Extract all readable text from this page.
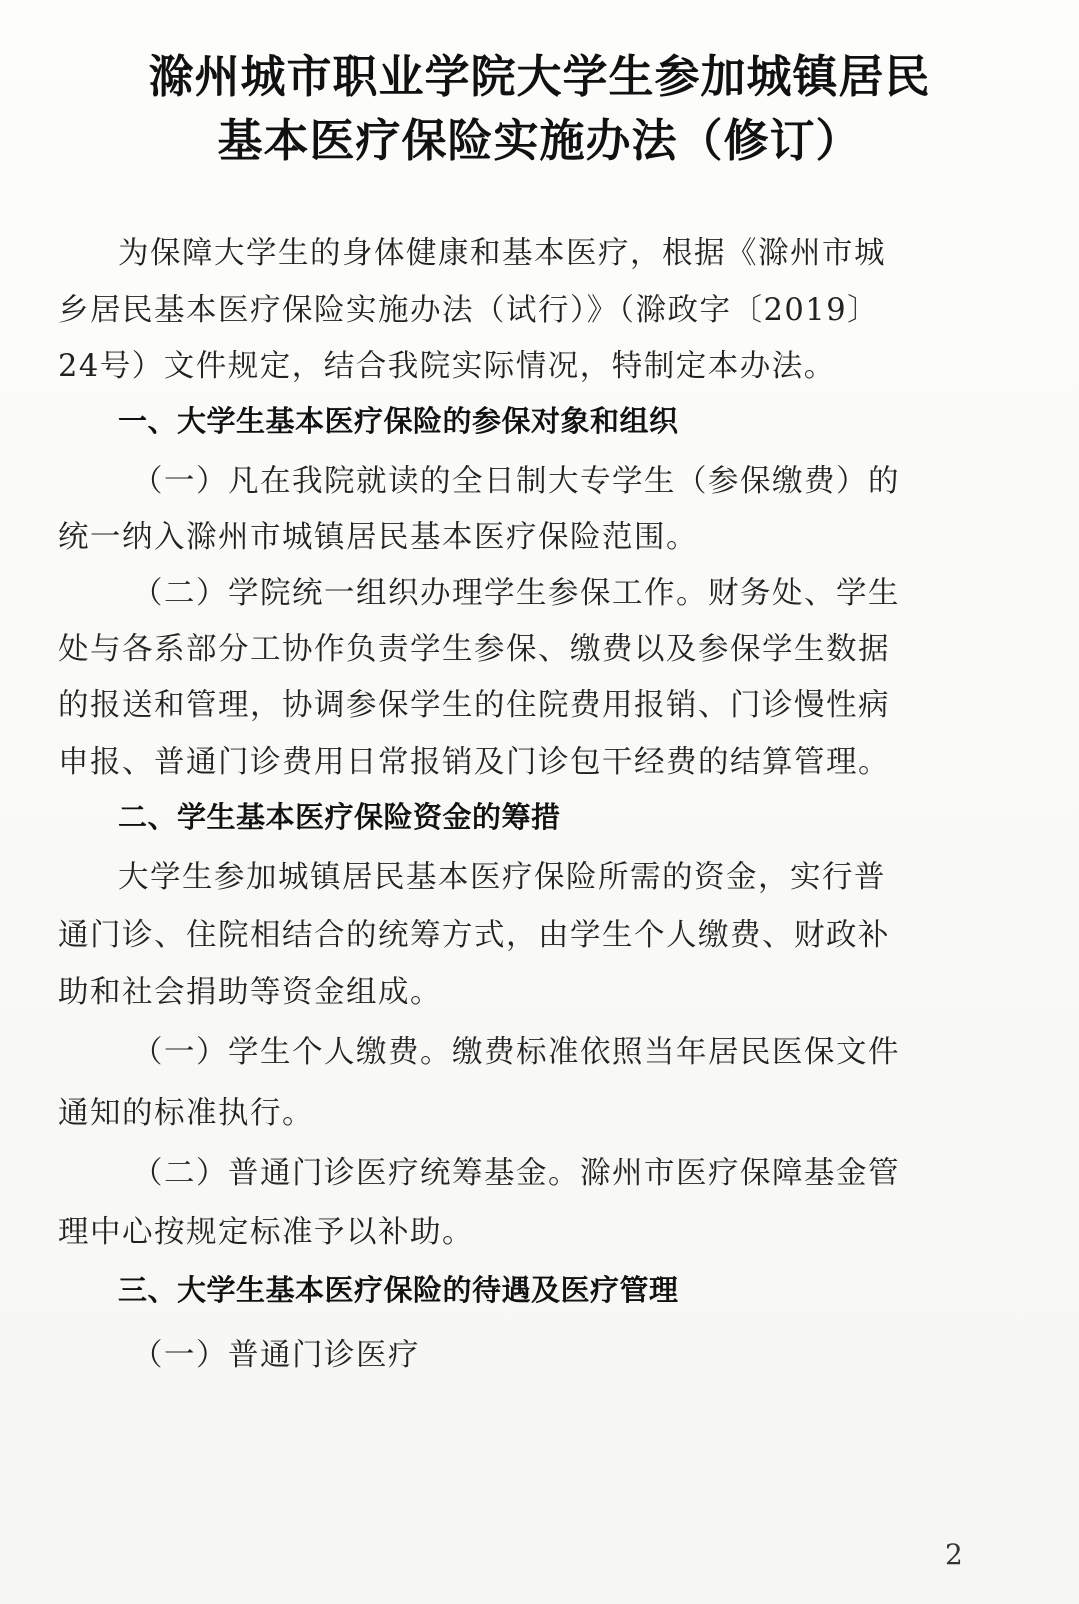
滁州城市职业学院大学生参加城镇居民
基本医疗保险实施办法（修订）
为保障大学生的身体健康和基本医疗，根据《滁州市城
乡居民基本医疗保险实施办法（试行）》（滁政字〔2019〕
24号）文件规定，结合我院实际情况，特制定本办法。
一、大学生基本医疗保险的参保对象和组织
（一）凡在我院就读的全日制大专学生（参保缴费）的
统一纳入滁州市城镇居民基本医疗保险范围。
（二）学院统一组织办理学生参保工作。财务处、学生
处与各系部分工协作负责学生参保、缴费以及参保学生数据
的报送和管理，协调参保学生的住院费用报销、门诊慢性病
申报、普通门诊费用日常报销及门诊包干经费的结算管理。
二、学生基本医疗保险资金的筹措
大学生参加城镇居民基本医疗保险所需的资金，实行普
通门诊、住院相结合的统筹方式，由学生个人缴费、财政补
助和社会捐助等资金组成。
（一）学生个人缴费。缴费标准依照当年居民医保文件
通知的标准执行。
（二）普通门诊医疗统筹基金。滁州市医疗保障基金管
理中心按规定标准予以补助。
三、大学生基本医疗保险的待遇及医疗管理
（一）普通门诊医疗
2
